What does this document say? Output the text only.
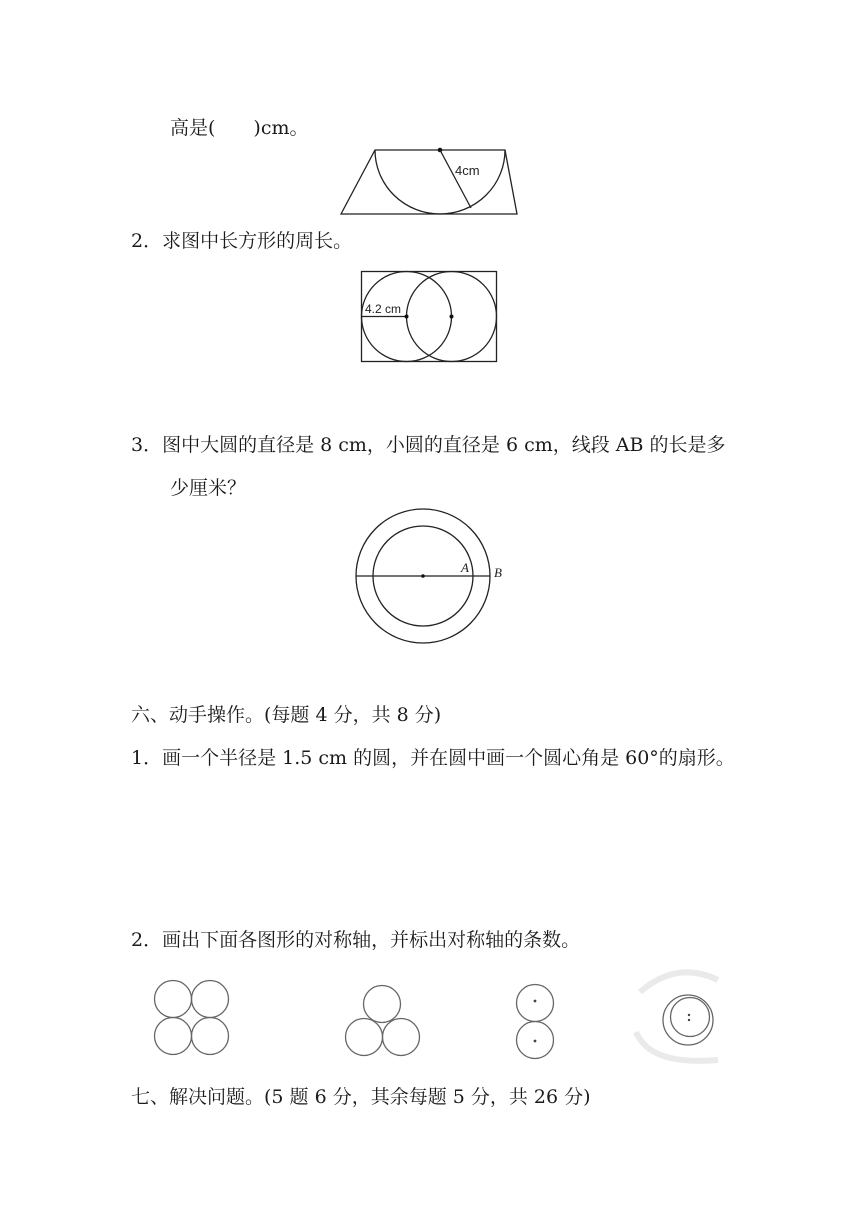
高是(　　)cm。
4cm
2．求图中长方形的周长。
4.2 cm
3．图中大圆的直径是 8 cm，小圆的直径是 6 cm，线段 AB 的长是多
少厘米？
A B
六、动手操作。(每题 4 分，共 8 分)
1．画一个半径是 1.5 cm 的圆，并在圆中画一个圆心角是 60°的扇形。
2．画出下面各图形的对称轴，并标出对称轴的条数。
七、解决问题。(5 题 6 分，其余每题 5 分，共 26 分)
